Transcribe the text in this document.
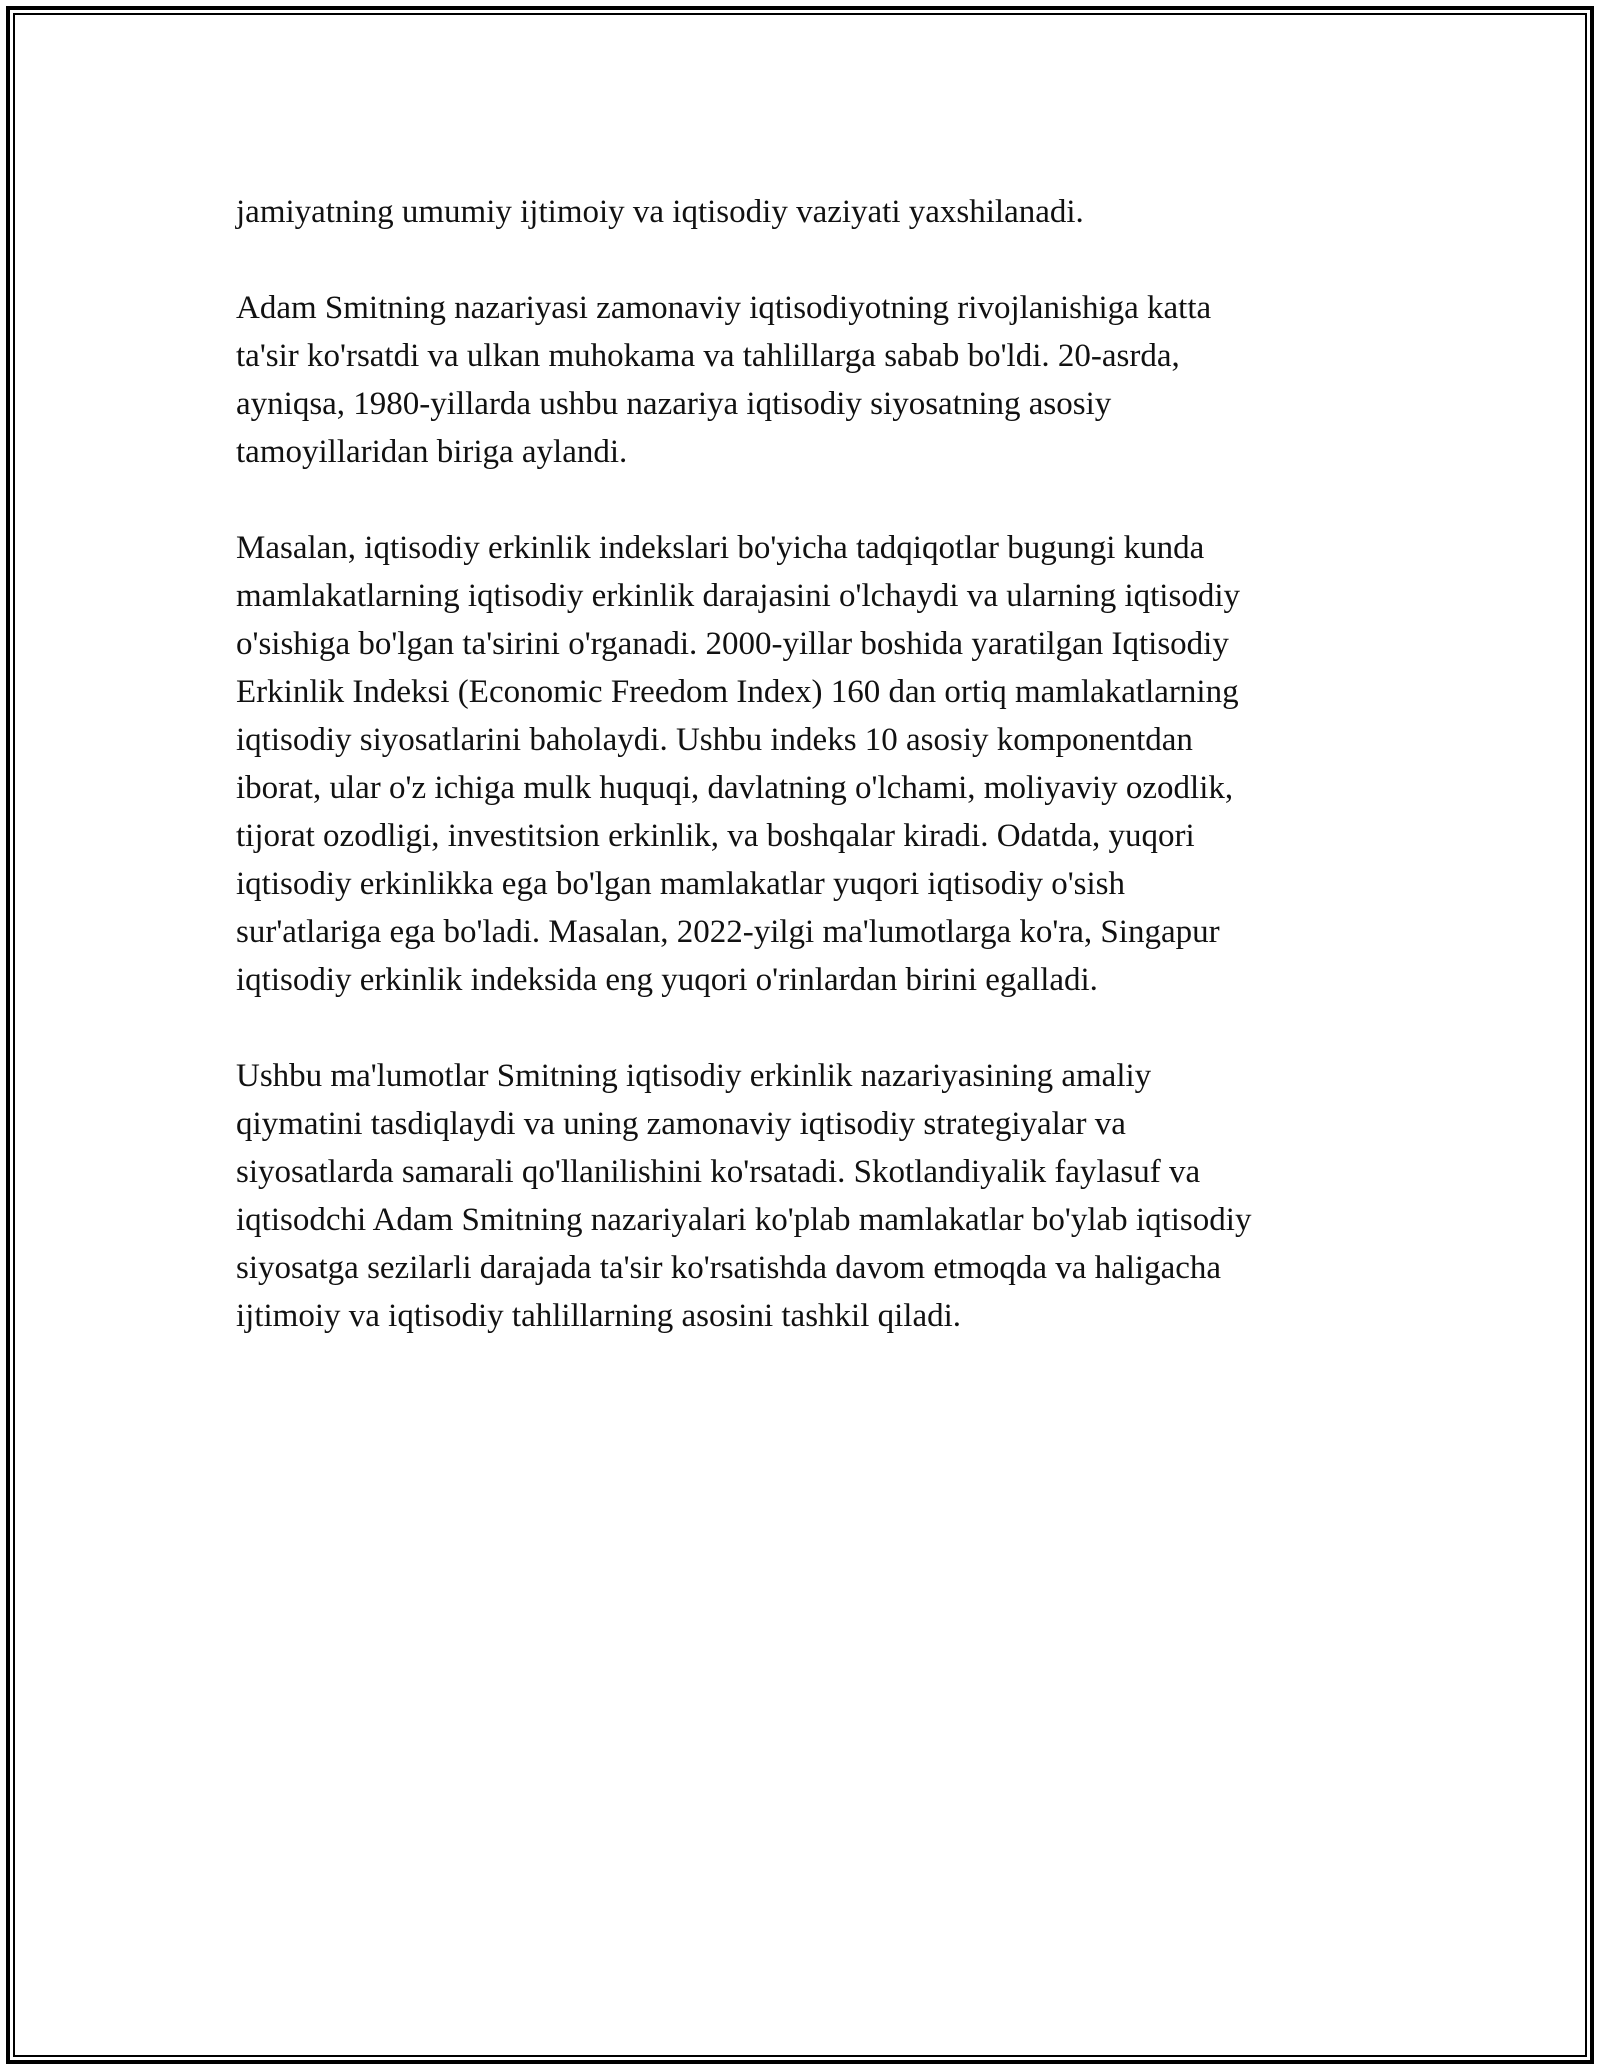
jamiyatning umumiy ijtimoiy va iqtisodiy vaziyati yaxshilanadi.

Adam Smitning nazariyasi zamonaviy iqtisodiyotning rivojlanishiga katta
ta'sir ko'rsatdi va ulkan muhokama va tahlillarga sabab bo'ldi. 20-asrda,
ayniqsa, 1980-yillarda ushbu nazariya iqtisodiy siyosatning asosiy
tamoyillaridan biriga aylandi.

Masalan, iqtisodiy erkinlik indekslari bo'yicha tadqiqotlar bugungi kunda
mamlakatlarning iqtisodiy erkinlik darajasini o'lchaydi va ularning iqtisodiy
o'sishiga bo'lgan ta'sirini o'rganadi. 2000-yillar boshida yaratilgan Iqtisodiy
Erkinlik Indeksi (Economic Freedom Index) 160 dan ortiq mamlakatlarning
iqtisodiy siyosatlarini baholaydi. Ushbu indeks 10 asosiy komponentdan
iborat, ular o'z ichiga mulk huquqi, davlatning o'lchami, moliyaviy ozodlik,
tijorat ozodligi, investitsion erkinlik, va boshqalar kiradi. Odatda, yuqori
iqtisodiy erkinlikka ega bo'lgan mamlakatlar yuqori iqtisodiy o'sish
sur'atlariga ega bo'ladi. Masalan, 2022-yilgi ma'lumotlarga ko'ra, Singapur
iqtisodiy erkinlik indeksida eng yuqori o'rinlardan birini egalladi.

Ushbu ma'lumotlar Smitning iqtisodiy erkinlik nazariyasining amaliy
qiymatini tasdiqlaydi va uning zamonaviy iqtisodiy strategiyalar va
siyosatlarda samarali qo'llanilishini ko'rsatadi. Skotlandiyalik faylasuf va
iqtisodchi Adam Smitning nazariyalari ko'plab mamlakatlar bo'ylab iqtisodiy
siyosatga sezilarli darajada ta'sir ko'rsatishda davom etmoqda va haligacha
ijtimoiy va iqtisodiy tahlillarning asosini tashkil qiladi.
